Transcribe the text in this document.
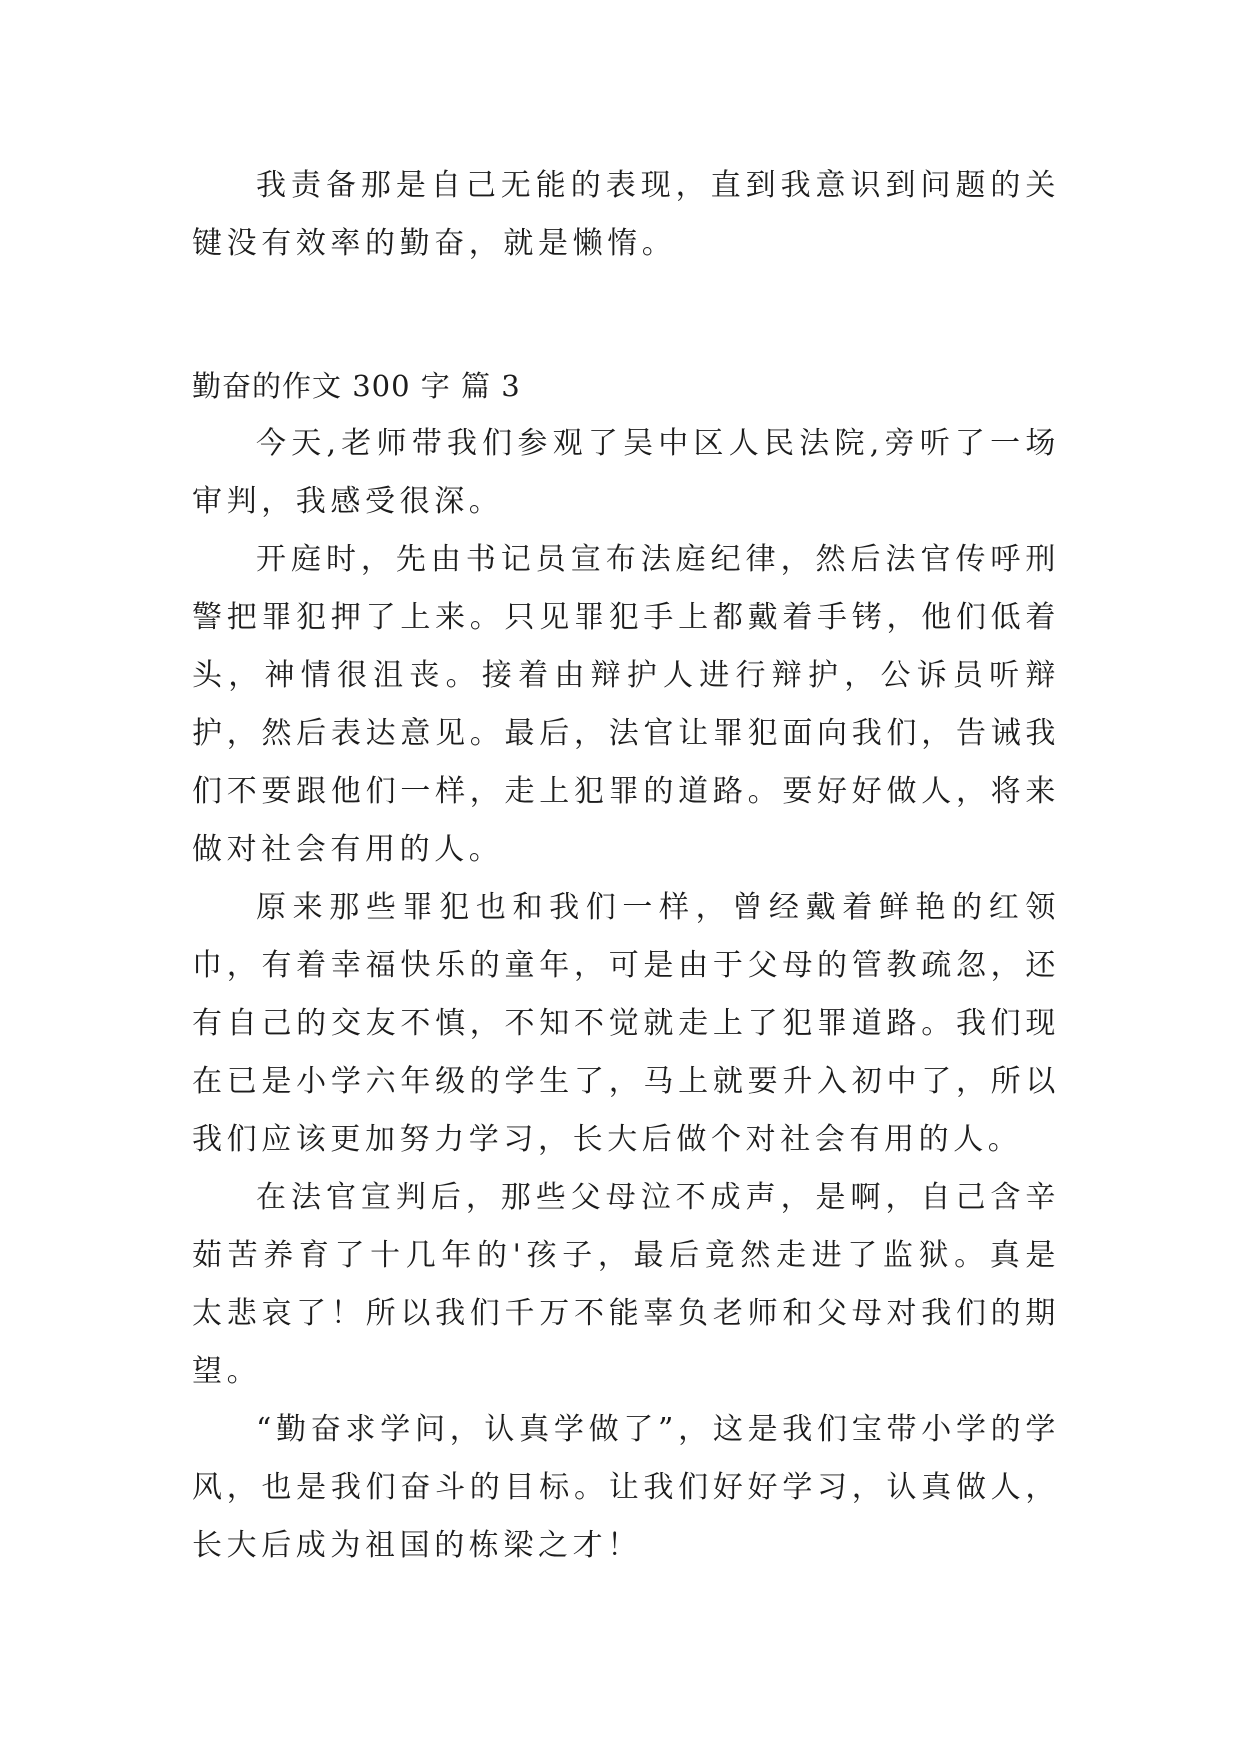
我责备那是自己无能的表现，直到我意识到问题的关键没有效率的勤奋，就是懒惰。

勤奋的作文 300 字 篇 3

今天,老师带我们参观了吴中区人民法院,旁听了一场审判，我感受很深。

开庭时，先由书记员宣布法庭纪律，然后法官传呼刑警把罪犯押了上来。只见罪犯手上都戴着手铐，他们低着头，神情很沮丧。接着由辩护人进行辩护，公诉员听辩护，然后表达意见。最后，法官让罪犯面向我们，告诫我们不要跟他们一样，走上犯罪的道路。要好好做人，将来做对社会有用的人。

原来那些罪犯也和我们一样，曾经戴着鲜艳的红领巾，有着幸福快乐的童年，可是由于父母的管教疏忽，还有自己的交友不慎，不知不觉就走上了犯罪道路。我们现在已是小学六年级的学生了，马上就要升入初中了，所以我们应该更加努力学习，长大后做个对社会有用的人。

在法官宣判后，那些父母泣不成声，是啊，自己含辛茹苦养育了十几年的'孩子，最后竟然走进了监狱。真是太悲哀了！所以我们千万不能辜负老师和父母对我们的期望。

“勤奋求学问，认真学做了”，这是我们宝带小学的学风，也是我们奋斗的目标。让我们好好学习，认真做人，长大后成为祖国的栋梁之才！
